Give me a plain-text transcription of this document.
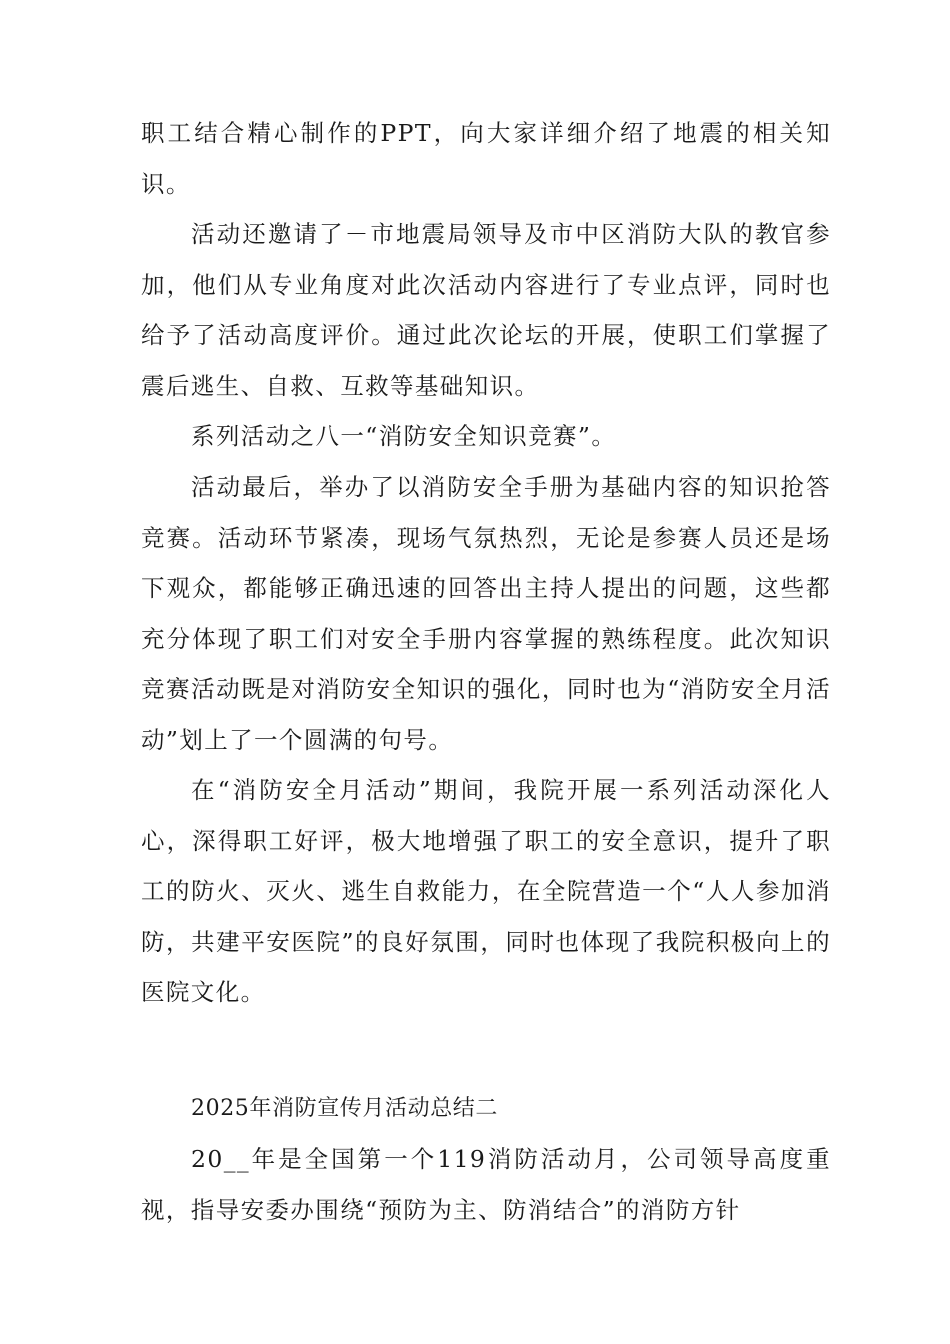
职工结合精心制作的PPT，向大家详细介绍了地震的相关知识。

活动还邀请了－市地震局领导及市中区消防大队的教官参加，他们从专业角度对此次活动内容进行了专业点评，同时也给予了活动高度评价。通过此次论坛的开展，使职工们掌握了震后逃生、自救、互救等基础知识。

系列活动之八一“消防安全知识竞赛”。

活动最后，举办了以消防安全手册为基础内容的知识抢答竞赛。活动环节紧凑，现场气氛热烈，无论是参赛人员还是场下观众，都能够正确迅速的回答出主持人提出的问题，这些都充分体现了职工们对安全手册内容掌握的熟练程度。此次知识竞赛活动既是对消防安全知识的强化，同时也为“消防安全月活动”划上了一个圆满的句号。

在“消防安全月活动”期间，我院开展一系列活动深化人心，深得职工好评，极大地增强了职工的安全意识，提升了职工的防火、灭火、逃生自救能力，在全院营造一个“人人参加消防，共建平安医院”的良好氛围，同时也体现了我院积极向上的医院文化。

2025年消防宣传月活动总结二

20__年是全国第一个119消防活动月，公司领导高度重视，指导安委办围绕“预防为主、防消结合”的消防方针
